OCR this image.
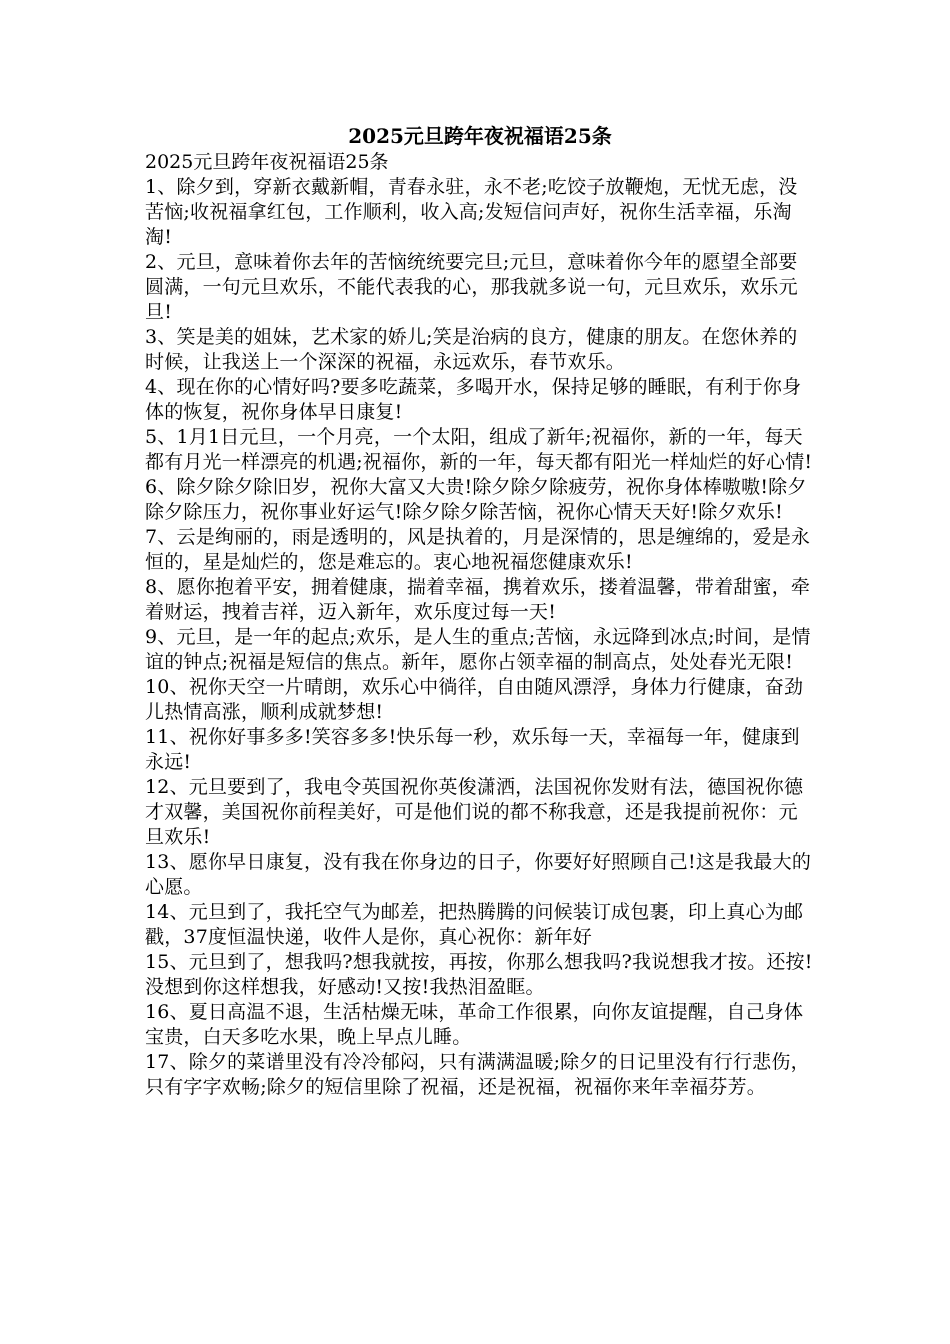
2025元旦跨年夜祝福语25条

2025元旦跨年夜祝福语25条

1、除夕到，穿新衣戴新帽，青春永驻，永不老;吃饺子放鞭炮，无忧无虑，没苦恼;收祝福拿红包，工作顺利，收入高;发短信问声好，祝你生活幸福，乐淘淘!

2、元旦，意味着你去年的苦恼统统要完旦;元旦，意味着你今年的愿望全部要圆满，一句元旦欢乐，不能代表我的心，那我就多说一句，元旦欢乐，欢乐元旦!

3、笑是美的姐妹，艺术家的娇儿;笑是治病的良方，健康的朋友。在您休养的时候，让我送上一个深深的祝福，永远欢乐，春节欢乐。

4、现在你的心情好吗?要多吃蔬菜，多喝开水，保持足够的睡眠，有利于你身体的恢复，祝你身体早日康复!

5、1月1日元旦，一个月亮，一个太阳，组成了新年;祝福你，新的一年，每天都有月光一样漂亮的机遇;祝福你，新的一年，每天都有阳光一样灿烂的好心情!

6、除夕除夕除旧岁，祝你大富又大贵!除夕除夕除疲劳，祝你身体棒嗷嗷!除夕除夕除压力，祝你事业好运气!除夕除夕除苦恼，祝你心情天天好!除夕欢乐!

7、云是绚丽的，雨是透明的，风是执着的，月是深情的，思是缠绵的，爱是永恒的，星是灿烂的，您是难忘的。衷心地祝福您健康欢乐!

8、愿你抱着平安，拥着健康，揣着幸福，携着欢乐，搂着温馨，带着甜蜜，牵着财运，拽着吉祥，迈入新年，欢乐度过每一天!

9、元旦，是一年的起点;欢乐，是人生的重点;苦恼，永远降到冰点;时间，是情谊的钟点;祝福是短信的焦点。新年，愿你占领幸福的制高点，处处春光无限!

10、祝你天空一片晴朗，欢乐心中徜徉，自由随风漂浮，身体力行健康，奋劲儿热情高涨，顺利成就梦想!

11、祝你好事多多!笑容多多!快乐每一秒，欢乐每一天，幸福每一年，健康到永远!

12、元旦要到了，我电令英国祝你英俊潇洒，法国祝你发财有法，德国祝你德才双馨，美国祝你前程美好，可是他们说的都不称我意，还是我提前祝你：元旦欢乐!

13、愿你早日康复，没有我在你身边的日子，你要好好照顾自己!这是我最大的心愿。

14、元旦到了，我托空气为邮差，把热腾腾的问候装订成包裹，印上真心为邮戳，37度恒温快递，收件人是你，真心祝你：新年好

15、元旦到了，想我吗?想我就按，再按，你那么想我吗?我说想我才按。还按!没想到你这样想我，好感动!又按!我热泪盈眶。

16、夏日高温不退，生活枯燥无味，革命工作很累，向你友谊提醒，自己身体宝贵，白天多吃水果，晚上早点儿睡。

17、除夕的菜谱里没有冷冷郁闷，只有满满温暖;除夕的日记里没有行行悲伤，只有字字欢畅;除夕的短信里除了祝福，还是祝福，祝福你来年幸福芬芳。
